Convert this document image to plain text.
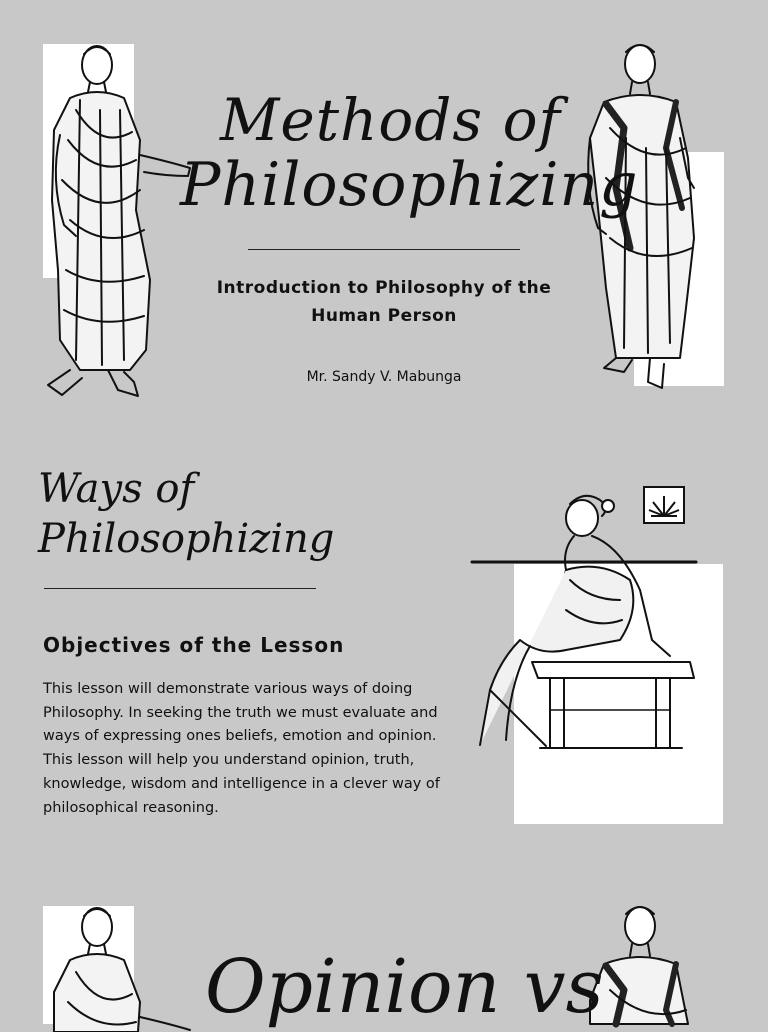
Methods of
Philosophizing
Introduction to Philosophy of the
Human Person
Mr. Sandy V. Mabunga
Ways of
Philosophizing
Objectives of the Lesson
This lesson will demonstrate various ways of doing
Philosophy. In seeking the truth we must evaluate and
ways of expressing ones beliefs, emotion and opinion.
This lesson will help you understand opinion, truth,
knowledge, wisdom and intelligence in a clever way of
philosophical reasoning.
Opinion vs
